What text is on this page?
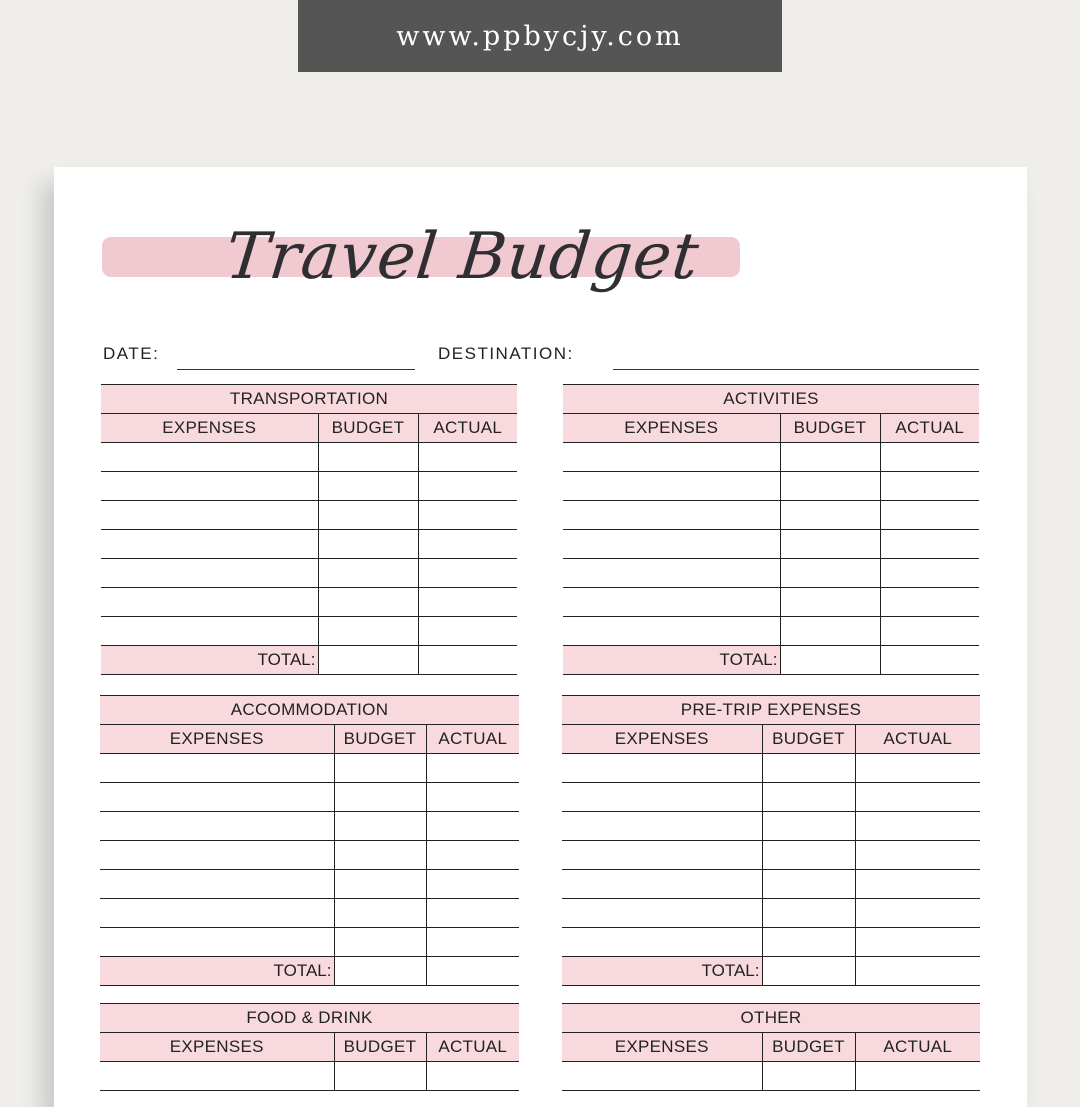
www.ppbycjy.com
Travel Budget
DATE:	DESTINATION:
TRANSPORTATION		
EXPENSES	BUDGET	ACTUAL

TOTAL:		
ACTIVITIES		
EXPENSES	BUDGET	ACTUAL

TOTAL:		
ACCOMMODATION		
EXPENSES	BUDGET	ACTUAL

TOTAL:		
PRE-TRIP EXPENSES		
EXPENSES	BUDGET	ACTUAL

TOTAL:		
FOOD & DRINK		
EXPENSES	BUDGET	ACTUAL

OTHER		
EXPENSES	BUDGET	ACTUAL
